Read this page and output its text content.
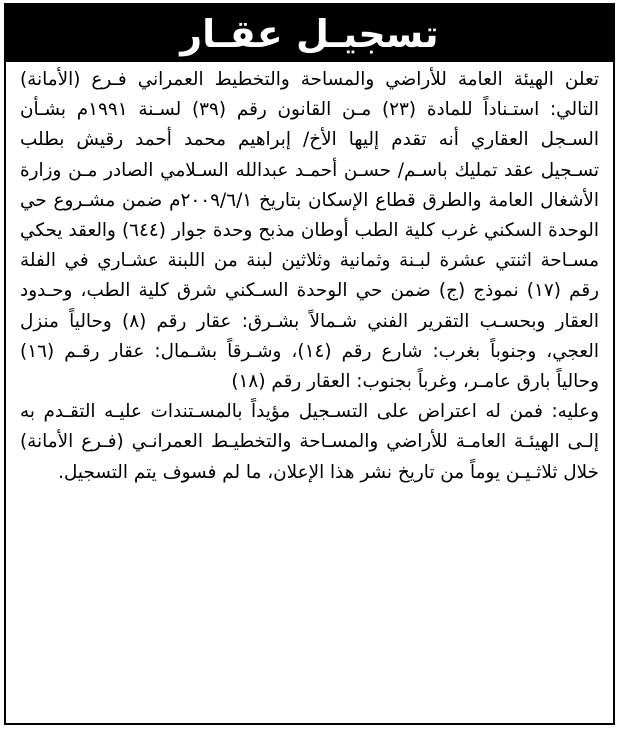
تسجيـل عقـار

تعلن الهيئة العامة للأراضي والمساحة والتخطيط العمراني فـرع (الأمانة) التالي: استـناداً للمادة (٢٣) مـن القانون رقم (٣٩) لسـنة ١٩٩١م بشـأن السـجل العقاري أنه تقدم إليها الأخ/ إبراهيم محمد أحمد رقيش بطلب تسـجيل عقد تمليك باسـم/ حسـن أحمـد عبدالله السـلامي الصادر مـن وزارة الأشغال العامة والطرق قطاع الإسكان بتاريخ ٢٠٠٩/٦/١م ضمن مشـروع حي الوحدة السكني غرب كلية الطب أوطان مذبح وحدة جوار (٦٤٤) والعقد يحكي مسـاحة اثنتي عشرة لبـنة وثمانية وثلاثين لبنة من اللبنة عشـاري في الفلة رقم (١٧) نموذج (ج) ضمن حي الوحدة السـكني شرق كلية الطب، وحـدود العقار وبحسـب التقرير الفني شـمالاً بشـرق: عقار رقم (٨) وحالياً منزل العجي، وجنوباً بغرب: شارع رقم (١٤)، وشـرقاً بشـمال: عقار رقـم (١٦) وحالياً بارق عامـر، وغرباً بجنوب: العقار رقم (١٨)

وعليه: فمن له اعتراض على التسـجيل مؤيداً بالمسـتندات عليـه التقـدم به إلـى الهيئـة العامـة للأراضي والمسـاحة والتخطيـط العمرانـي (فـرع الأمانة) خلال ثلاثـيـن يوماً من تاريخ نشر هذا الإعلان، ما لم فسوف يتم التسجيل.
